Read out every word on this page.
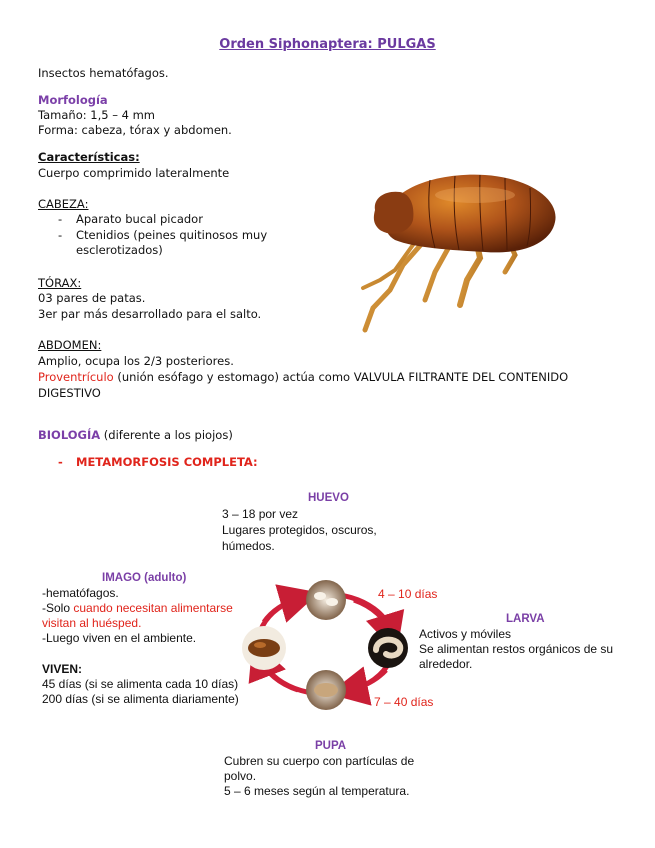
Orden Siphonaptera: PULGAS
Insectos hematófagos.
Morfología
Tamaño: 1,5 – 4 mm
Forma: cabeza, tórax y abdomen.
Características:
Cuerpo comprimido lateralmente
CABEZA:
- Aparato bucal picador
- Ctenidios (peines quitinosos muy esclerotizados)
TÓRAX:
03 pares de patas.
3er par más desarrollado para el salto.
ABDOMEN:
Amplio, ocupa los 2/3 posteriores.
Proventrículo (unión esófago y estomago) actúa como VALVULA FILTRANTE DEL CONTENIDO
DIGESTIVO
BIOLOGÍA (diferente a los piojos)
- METAMORFOSIS COMPLETA:
HUEVO
3 – 18 por vez
Lugares protegidos, oscuros,
húmedos.
IMAGO (adulto)
-hematófagos.
-Solo cuando necesitan alimentarse
visitan al huésped.
-Luego viven en el ambiente.
VIVEN:
45 días (si se alimenta cada 10 días)
200 días (si se alimenta diariamente)
4 – 10 días
7 – 40 días
LARVA
Activos y móviles
Se alimentan restos orgánicos de su
alrededor.
PUPA
Cubren su cuerpo con partículas de
polvo.
5 – 6 meses según al temperatura.
